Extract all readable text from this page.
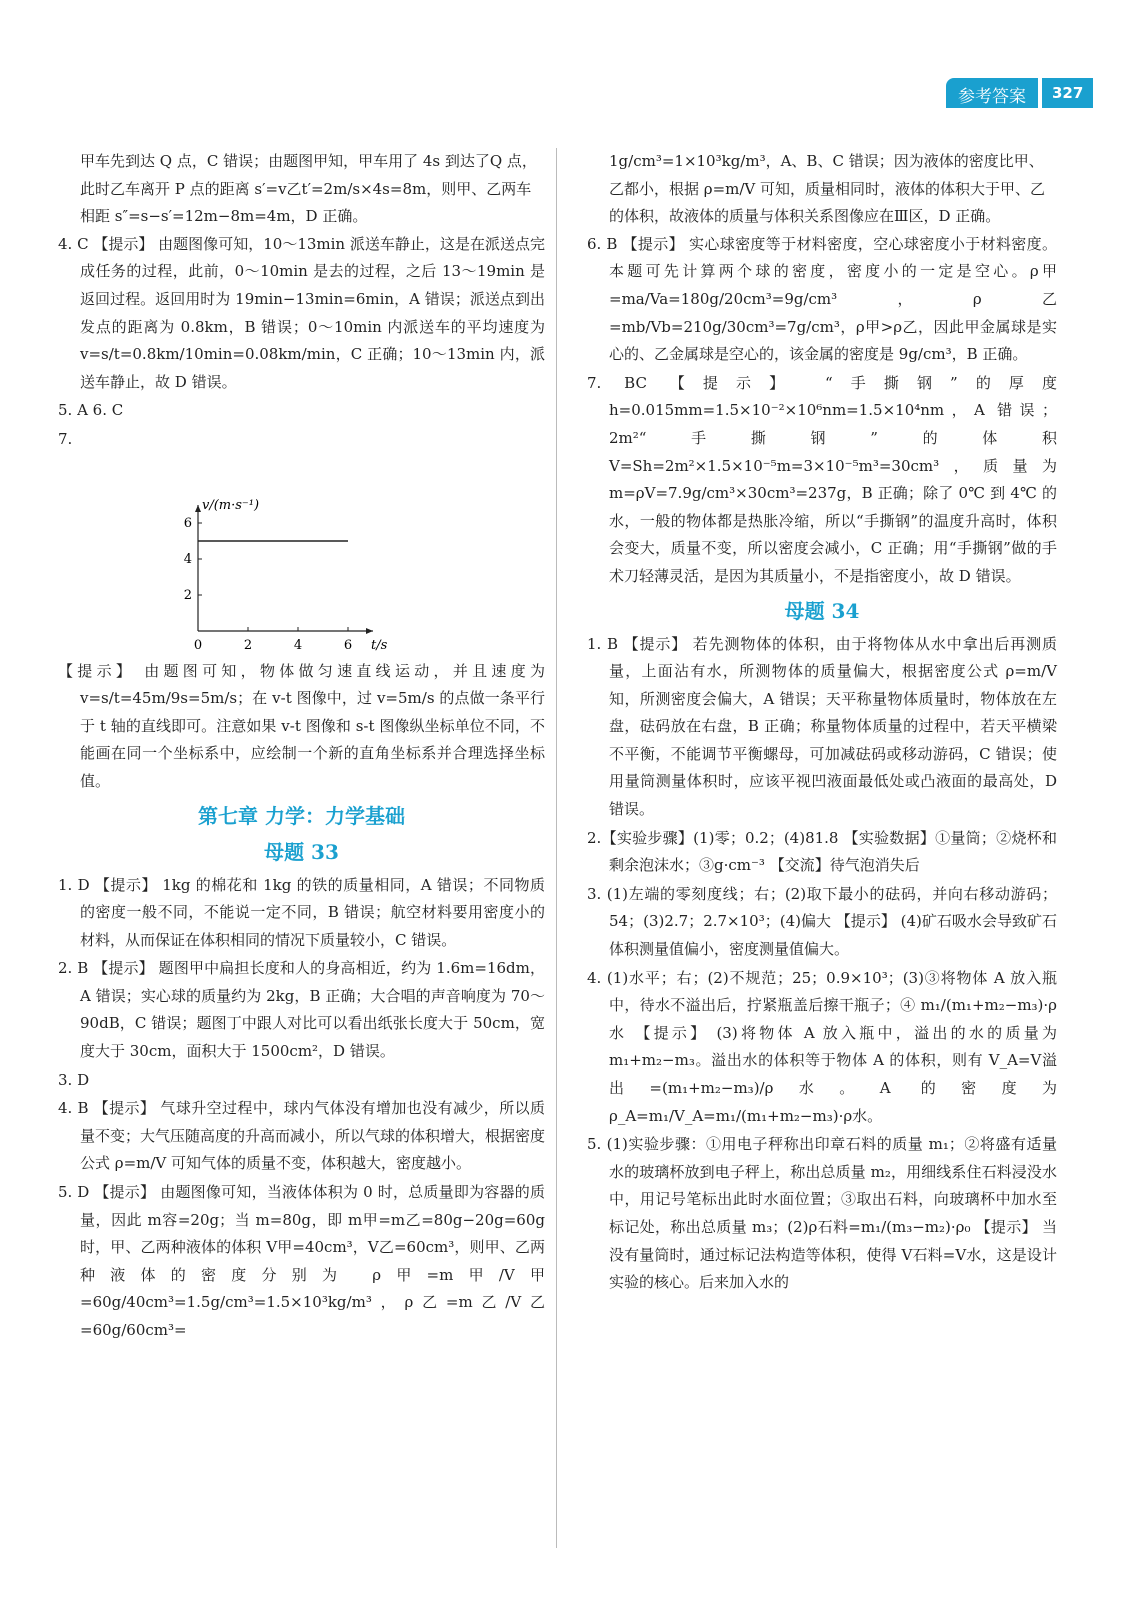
参考答案	327

甲车先到达 Q 点，C 错误；由题图甲知，甲车用了 4s 到达了Q 点，此时乙车离开 P 点的距离 s′=v乙t′=2m/s×4s=8m，则甲、乙两车相距 s″=s−s′=12m−8m=4m，D 正确。

4. C 【提示】 由题图像可知，10～13min 派送车静止，这是在派送点完成任务的过程，此前，0～10min 是去的过程，之后 13～19min 是返回过程。返回用时为 19min−13min=6min，A 错误；派送点到出发点的距离为 0.8km，B 错误；0～10min 内派送车的平均速度为 v=s/t=0.8km/10min=0.08km/min，C 正确；10～13min 内，派送车静止，故 D 错误。

5. A 6. C

7.

0	2	4	6
2
4
6
v/(m·s⁻¹)
t/s

【提示】 由题图可知，物体做匀速直线运动，并且速度为 v=s/t=45m/9s=5m/s；在 v-t 图像中，过 v=5m/s 的点做一条平行于 t 轴的直线即可。注意如果 v-t 图像和 s-t 图像纵坐标单位不同，不能画在同一个坐标系中，应绘制一个新的直角坐标系并合理选择坐标值。

第七章 力学：力学基础
母题 33

1. D 【提示】 1kg 的棉花和 1kg 的铁的质量相同，A 错误；不同物质的密度一般不同，不能说一定不同，B 错误；航空材料要用密度小的材料，从而保证在体积相同的情况下质量较小，C 错误。

2. B 【提示】 题图甲中扁担长度和人的身高相近，约为 1.6m=16dm，A 错误；实心球的质量约为 2kg，B 正确；大合唱的声音响度为 70～90dB，C 错误；题图丁中跟人对比可以看出纸张长度大于 50cm，宽度大于 30cm，面积大于 1500cm²，D 错误。

3. D

4. B 【提示】 气球升空过程中，球内气体没有增加也没有减少，所以质量不变；大气压随高度的升高而减小，所以气球的体积增大，根据密度公式 ρ=m/V 可知气体的质量不变，体积越大，密度越小。

5. D 【提示】 由题图像可知，当液体体积为 0 时，总质量即为容器的质量，因此 m容=20g；当 m=80g，即 m甲=m乙=80g−20g=60g 时，甲、乙两种液体的体积 V甲=40cm³，V乙=60cm³，则甲、乙两种液体的密度分别为 ρ甲=m甲/V甲=60g/40cm³=1.5g/cm³=1.5×10³kg/m³，ρ乙=m乙/V乙=60g/60cm³=

1g/cm³=1×10³kg/m³，A、B、C 错误；因为液体的密度比甲、乙都小，根据 ρ=m/V 可知，质量相同时，液体的体积大于甲、乙的体积，故液体的质量与体积关系图像应在Ⅲ区，D 正确。

6. B 【提示】 实心球密度等于材料密度，空心球密度小于材料密度。本题可先计算两个球的密度，密度小的一定是空心。ρ甲=ma/Va=180g/20cm³=9g/cm³，ρ乙=mb/Vb=210g/30cm³=7g/cm³，ρ甲>ρ乙，因此甲金属球是实心的、乙金属球是空心的，该金属的密度是 9g/cm³，B 正确。

7. BC 【提示】 “手撕钢”的厚度 h=0.015mm=1.5×10⁻²×10⁶nm=1.5×10⁴nm，A 错误；2m²“手撕钢”的体积 V=Sh=2m²×1.5×10⁻⁵m=3×10⁻⁵m³=30cm³，质量为 m=ρV=7.9g/cm³×30cm³=237g，B 正确；除了 0℃ 到 4℃ 的水，一般的物体都是热胀冷缩，所以“手撕钢”的温度升高时，体积会变大，质量不变，所以密度会减小，C 正确；用“手撕钢”做的手术刀轻薄灵活，是因为其质量小，不是指密度小，故 D 错误。

母题 34

1. B 【提示】 若先测物体的体积，由于将物体从水中拿出后再测质量，上面沾有水，所测物体的质量偏大，根据密度公式 ρ=m/V 知，所测密度会偏大，A 错误；天平称量物体质量时，物体放在左盘，砝码放在右盘，B 正确；称量物体质量的过程中，若天平横梁不平衡，不能调节平衡螺母，可加减砝码或移动游码，C 错误；使用量筒测量体积时，应该平视凹液面最低处或凸液面的最高处，D 错误。

2.【实验步骤】(1)零；0.2；(4)81.8 【实验数据】①量筒；②烧杯和剩余泡沫水；③g·cm⁻³ 【交流】待气泡消失后

3. (1)左端的零刻度线；右；(2)取下最小的砝码，并向右移动游码；54；(3)2.7；2.7×10³；(4)偏大 【提示】 (4)矿石吸水会导致矿石体积测量值偏小，密度测量值偏大。

4. (1)水平；右；(2)不规范；25；0.9×10³；(3)③将物体 A 放入瓶中，待水不溢出后，拧紧瓶盖后擦干瓶子；④ m₁/(m₁+m₂−m₃)·ρ水 【提示】 (3)将物体 A 放入瓶中，溢出的水的质量为 m₁+m₂−m₃。溢出水的体积等于物体 A 的体积，则有 V_A=V溢出=(m₁+m₂−m₃)/ρ水。A 的密度为 ρ_A=m₁/V_A=m₁/(m₁+m₂−m₃)·ρ水。

5. (1)实验步骤：①用电子秤称出印章石料的质量 m₁；②将盛有适量水的玻璃杯放到电子秤上，称出总质量 m₂，用细线系住石料浸没水中，用记号笔标出此时水面位置；③取出石料，向玻璃杯中加水至标记处，称出总质量 m₃；(2)ρ石料=m₁/(m₃−m₂)·ρ₀ 【提示】 当没有量筒时，通过标记法构造等体积，使得 V石料=V水，这是设计实验的核心。后来加入水的
